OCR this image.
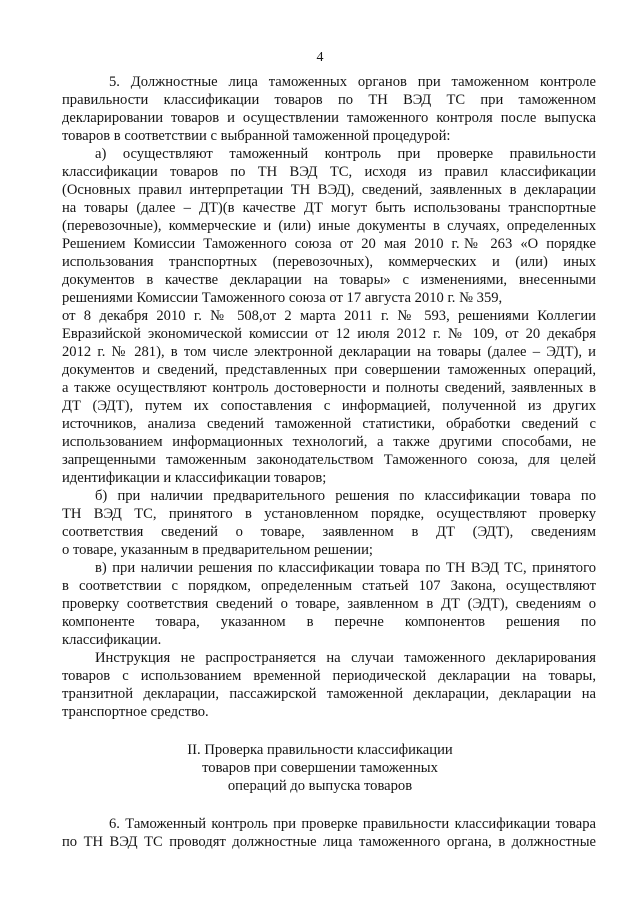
4
5. Должностные лица таможенных органов при таможенном контроле
правильности классификации товаров по ТН ВЭД ТС при таможенном
декларировании товаров и осуществлении таможенного контроля после выпуска
товаров в соответствии с выбранной таможенной процедурой:
а) осуществляют таможенный контроль при проверке правильности
классификации товаров по ТН ВЭД ТС, исходя из правил классификации
(Основных правил интерпретации ТН ВЭД), сведений, заявленных в декларации
на товары (далее – ДТ)(в качестве ДТ могут быть использованы транспортные
(перевозочные), коммерческие и (или) иные документы в случаях, определенных
Решением Комиссии Таможенного союза от 20 мая 2010 г.№ 263 «О порядке
использования транспортных (перевозочных), коммерческих и (или) иных
документов в качестве декларации на товары» с изменениями, внесенными
решениями Комиссии Таможенного союза от 17 августа 2010 г. № 359,
от 8 декабря 2010 г. № 508,от 2 марта 2011 г. № 593, решениями Коллегии
Евразийской экономической комиссии от 12 июля 2012 г. № 109, от 20 декабря
2012 г. № 281), в том числе электронной декларации на товары (далее – ЭДТ), и
документов и сведений, представленных при совершении таможенных операций,
а также осуществляют контроль достоверности и полноты сведений, заявленных в
ДТ (ЭДТ), путем их сопоставления с информацией, полученной из других
источников, анализа сведений таможенной статистики, обработки сведений с
использованием информационных технологий, а также другими способами, не
запрещенными таможенным законодательством Таможенного союза, для целей
идентификации и классификации товаров;
б) при наличии предварительного решения по классификации товара по
ТН ВЭД ТС, принятого в установленном порядке, осуществляют проверку
соответствия сведений о товаре, заявленном в ДТ (ЭДТ), сведениям
о товаре, указанным в предварительном решении;
в) при наличии решения по классификации товара по ТН ВЭД ТС, принятого
в соответствии с порядком, определенным статьей 107 Закона, осуществляют
проверку соответствия сведений о товаре, заявленном в ДТ (ЭДТ), сведениям о
компоненте товара, указанном в перечне компонентов решения по
классификации.
Инструкция не распространяется на случаи таможенного декларирования
товаров с использованием временной периодической декларации на товары,
транзитной декларации, пассажирской таможенной декларации, декларации на
транспортное средство.
II. Проверка правильности классификации
товаров при совершении таможенных
операций до выпуска товаров
6. Таможенный контроль при проверке правильности классификации товара
по ТН ВЭД ТС проводят должностные лица таможенного органа, в должностные
